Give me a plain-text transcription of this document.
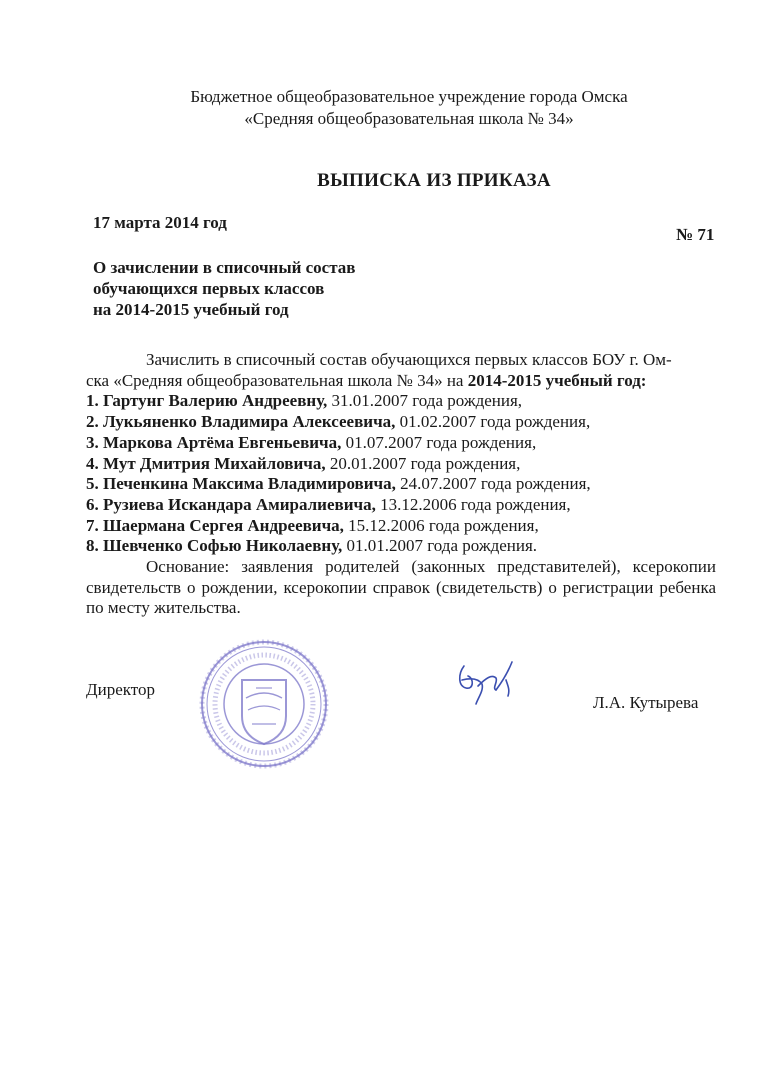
Бюджетное общеобразовательное учреждение города Омска
«Средняя общеобразовательная школа № 34»
ВЫПИСКА ИЗ ПРИКАЗА
17 марта 2014 год
№ 71
О зачислении в списочный состав
обучающихся первых классов
на 2014-2015 учебный год
Зачислить в списочный состав обучающихся первых классов БОУ г. Ом-
ска «Средняя общеобразовательная школа № 34» на 2014-2015 учебный год:
1. Гартунг Валерию Андреевну, 31.01.2007 года рождения,
2. Лукьяненко Владимира Алексеевича, 01.02.2007 года рождения,
3. Маркова Артёма Евгеньевича, 01.07.2007 года рождения,
4. Мут Дмитрия Михайловича, 20.01.2007 года рождения,
5. Печенкина Максима Владимировича, 24.07.2007 года рождения,
6. Рузиева Искандара Амиралиевича, 13.12.2006 года рождения,
7. Шаермана Сергея Андреевича, 15.12.2006 года рождения,
8. Шевченко Софью Николаевну, 01.01.2007 года рождения.
Основание: заявления родителей (законных представителей), ксерокопии свидетельств о рождении, ксерокопии справок (свидетельств) о регистрации ребенка по месту жительства.
Директор
Л.А. Кутырева
